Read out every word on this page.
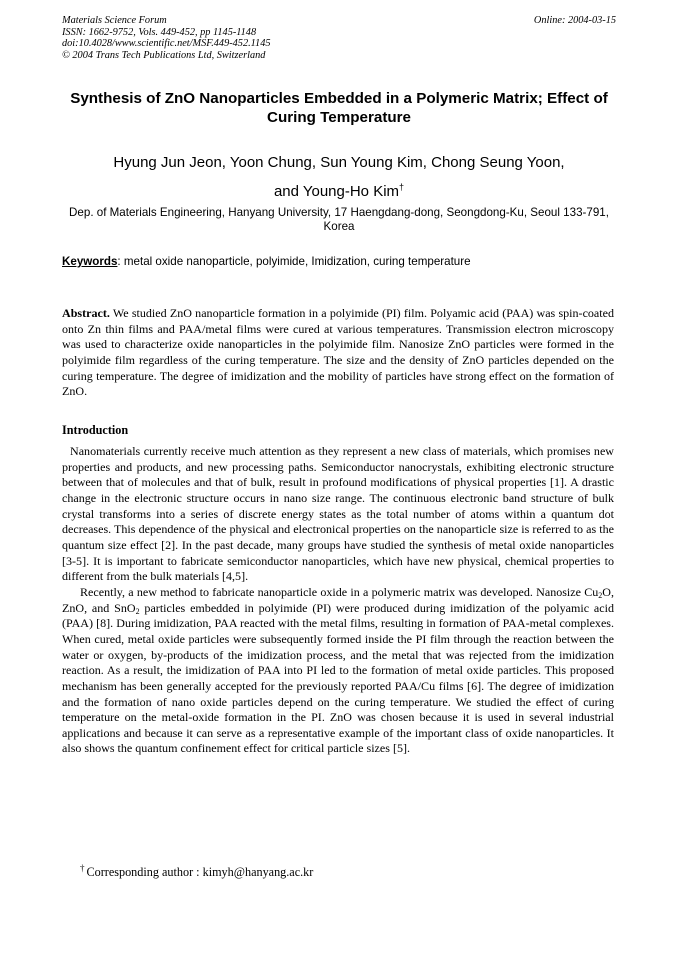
Materials Science Forum
ISSN: 1662-9752, Vols. 449-452, pp 1145-1148
doi:10.4028/www.scientific.net/MSF.449-452.1145
© 2004 Trans Tech Publications Ltd, Switzerland
Online: 2004-03-15
Synthesis of ZnO Nanoparticles Embedded in a Polymeric Matrix; Effect of Curing Temperature
Hyung Jun Jeon, Yoon Chung, Sun Young Kim, Chong Seung Yoon,
and Young-Ho Kim†
Dep. of Materials Engineering, Hanyang University, 17 Haengdang-dong, Seongdong-Ku, Seoul 133-791, Korea
Keywords: metal oxide nanoparticle, polyimide, Imidization, curing temperature
Abstract. We studied ZnO nanoparticle formation in a polyimide (PI) film. Polyamic acid (PAA) was spin-coated onto Zn thin films and PAA/metal films were cured at various temperatures. Transmission electron microscopy was used to characterize oxide nanoparticles in the polyimide film. Nanosize ZnO particles were formed in the polyimide film regardless of the curing temperature. The size and the density of ZnO particles depended on the curing temperature. The degree of imidization and the mobility of particles have strong effect on the formation of ZnO.
Introduction

Nanomaterials currently receive much attention as they represent a new class of materials, which promises new properties and products, and new processing paths. Semiconductor nanocrystals, exhibiting electronic structure between that of molecules and that of bulk, result in profound modifications of physical properties [1]. A drastic change in the electronic structure occurs in nano size range. The continuous electronic band structure of bulk crystal transforms into a series of discrete energy states as the total number of atoms within a quantum dot decreases. This dependence of the physical and electronical properties on the nanoparticle size is referred to as the quantum size effect [2]. In the past decade, many groups have studied the synthesis of metal oxide nanoparticles [3-5]. It is important to fabricate semiconductor nanoparticles, which have new physical, chemical properties to different from the bulk materials [4,5].

Recently, a new method to fabricate nanoparticle oxide in a polymeric matrix was developed. Nanosize $Cu_2O$, ZnO, and SnO$_2$ particles embedded in polyimide (PI) were produced during imidization of the polyamic acid (PAA) [8]. During imidization, PAA reacted with the metal films, resulting in formation of PAA-metal complexes. When cured, metal oxide particles were subsequently formed inside the PI film through the reaction between the water or oxygen, by-products of the imidization process, and the metal that was rejected from the imidization reaction. As a result, the imidization of PAA into PI led to the formation of metal oxide particles. This proposed mechanism has been generally accepted for the previously reported PAA/Cu films [6]. The degree of imidization and the formation of nano oxide particles depend on the curing temperature. We studied the effect of curing temperature on the metal-oxide formation in the PI. ZnO was chosen because it is used in several industrial applications and because it can serve as a representative example of the important class of oxide nanoparticles. It also shows the quantum confinement effect for critical particle sizes [5].

† Corresponding author : kimyh@hanyang.ac.kr
